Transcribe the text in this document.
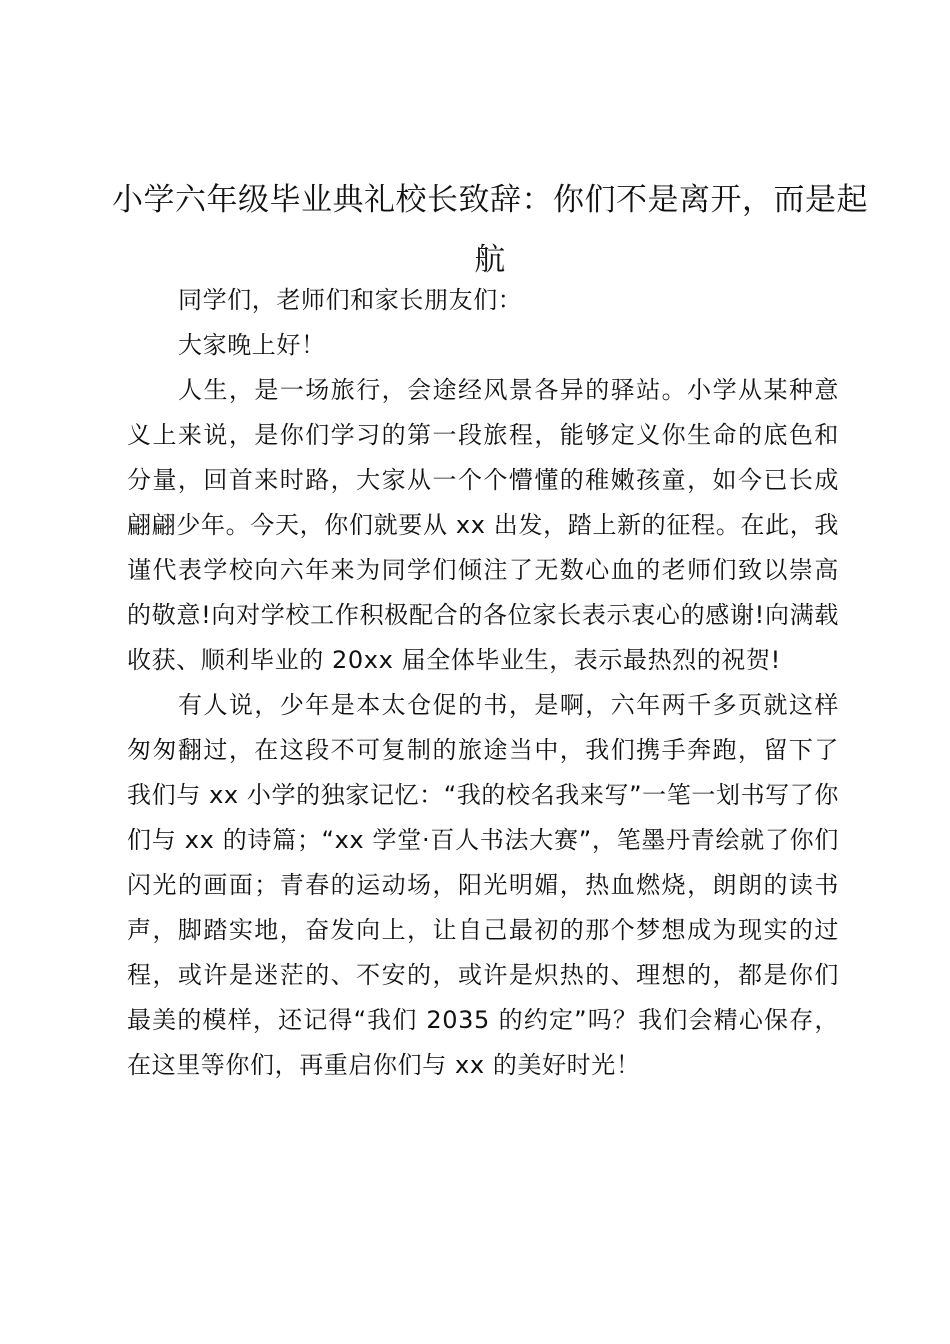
小学六年级毕业典礼校长致辞：你们不是离开，而是起航

同学们，老师们和家长朋友们：

大家晚上好！

人生，是一场旅行，会途经风景各异的驿站。小学从某种意义上来说，是你们学习的第一段旅程，能够定义你生命的底色和分量，回首来时路，大家从一个个懵懂的稚嫩孩童，如今已长成翩翩少年。今天，你们就要从 xx 出发，踏上新的征程。在此，我谨代表学校向六年来为同学们倾注了无数心血的老师们致以崇高的敬意!向对学校工作积极配合的各位家长表示衷心的感谢!向满载收获、顺利毕业的 20xx 届全体毕业生，表示最热烈的祝贺!

有人说，少年是本太仓促的书，是啊，六年两千多页就这样匆匆翻过，在这段不可复制的旅途当中，我们携手奔跑，留下了我们与 xx 小学的独家记忆：“我的校名我来写”一笔一划书写了你们与 xx 的诗篇；“xx 学堂·百人书法大赛”，笔墨丹青绘就了你们闪光的画面；青春的运动场，阳光明媚，热血燃烧，朗朗的读书声，脚踏实地，奋发向上，让自己最初的那个梦想成为现实的过程，或许是迷茫的、不安的，或许是炽热的、理想的，都是你们最美的模样，还记得“我们 2035 的约定”吗？我们会精心保存，在这里等你们，再重启你们与 xx 的美好时光！
